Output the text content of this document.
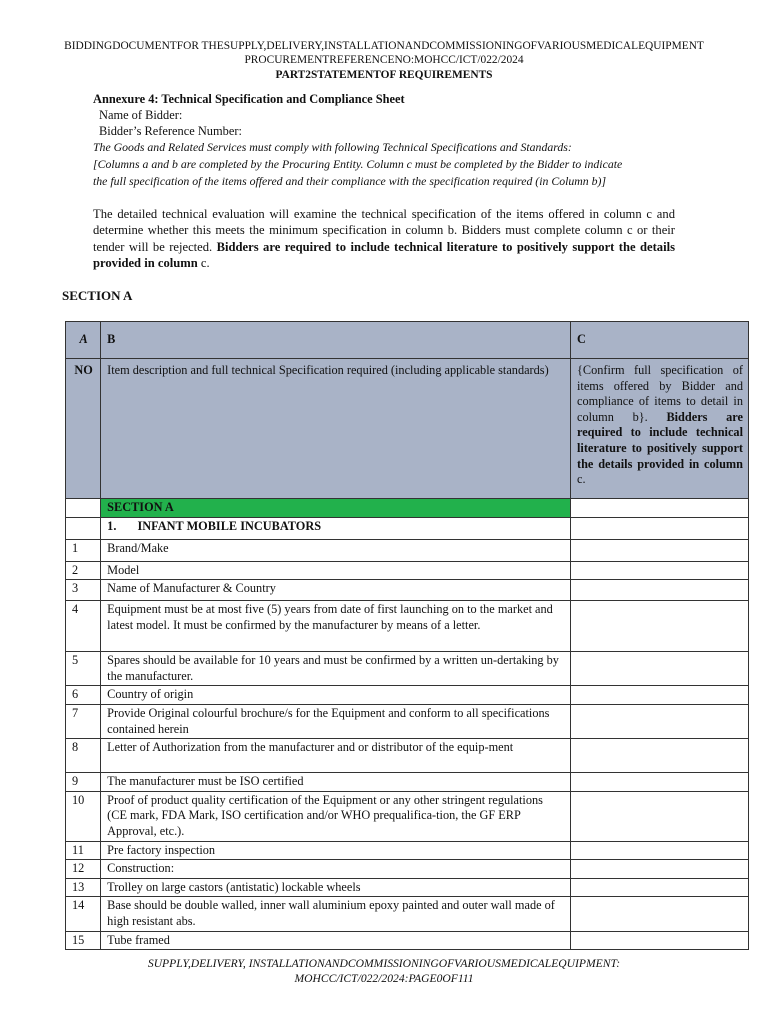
BIDDINGDOCUMENTFOR THESUPPLY,DELIVERY,INSTALLATIONANDCOMMISSIONINGOFVARIOUSMEDICALEQUIPMENT
PROCUREMENTREFERENCENO:MOHCC/ICT/022/2024
PART2STATEMENTOF REQUIREMENTS
Annexure 4: Technical Specification and Compliance Sheet
Name of Bidder:
Bidder’s Reference Number:
The Goods and Related Services must comply with following Technical Specifications and Standards:
[Columns a and b are completed by the Procuring Entity. Column c must be completed by the Bidder to indicate
the full specification of the items offered and their compliance with the specification required (in Column b)]
The detailed technical evaluation will examine the technical specification of the items offered in column c and determine whether this meets the minimum specification in column b. Bidders must complete column c or their tender will be rejected. Bidders are required to include technical literature to positively support the details provided in column c.
SECTION A
A	B	C
NO	Item description and full technical Specification required (including applicable standards)	{Confirm full specification of items offered by Bidder and compliance of items to detail in column b}. Bidders are required to include technical literature to positively support the details provided in column c.
	SECTION A	
	1. INFANT MOBILE INCUBATORS	
1	Brand/Make	
2	Model	
3	Name of Manufacturer & Country	
4	Equipment must be at most five (5) years from date of first launching on to the market and latest model. It must be confirmed by the manufacturer by means of a letter.	
5	Spares should be available for 10 years and must be confirmed by a written un-dertaking by the manufacturer.	
6	Country of origin	
7	Provide Original colourful brochure/s for the Equipment and conform to all specifications contained herein	
8	Letter of Authorization from the manufacturer and or distributor of the equip-ment	
9	The manufacturer must be ISO certified	
10	Proof of product quality certification of the Equipment or any other stringent regulations (CE mark, FDA Mark, ISO certification and/or WHO prequalifica-tion, the GF ERP Approval, etc.).	
11	Pre factory inspection	
12	Construction:	
13	Trolley on large castors (antistatic) lockable wheels	
14	Base should be double walled, inner wall aluminium epoxy painted and outer wall made of high resistant abs.	
15	Tube framed	
SUPPLY,DELIVERY, INSTALLATIONANDCOMMISSIONINGOFVARIOUSMEDICALEQUIPMENT:
MOHCC/ICT/022/2024:PAGE0OF111
